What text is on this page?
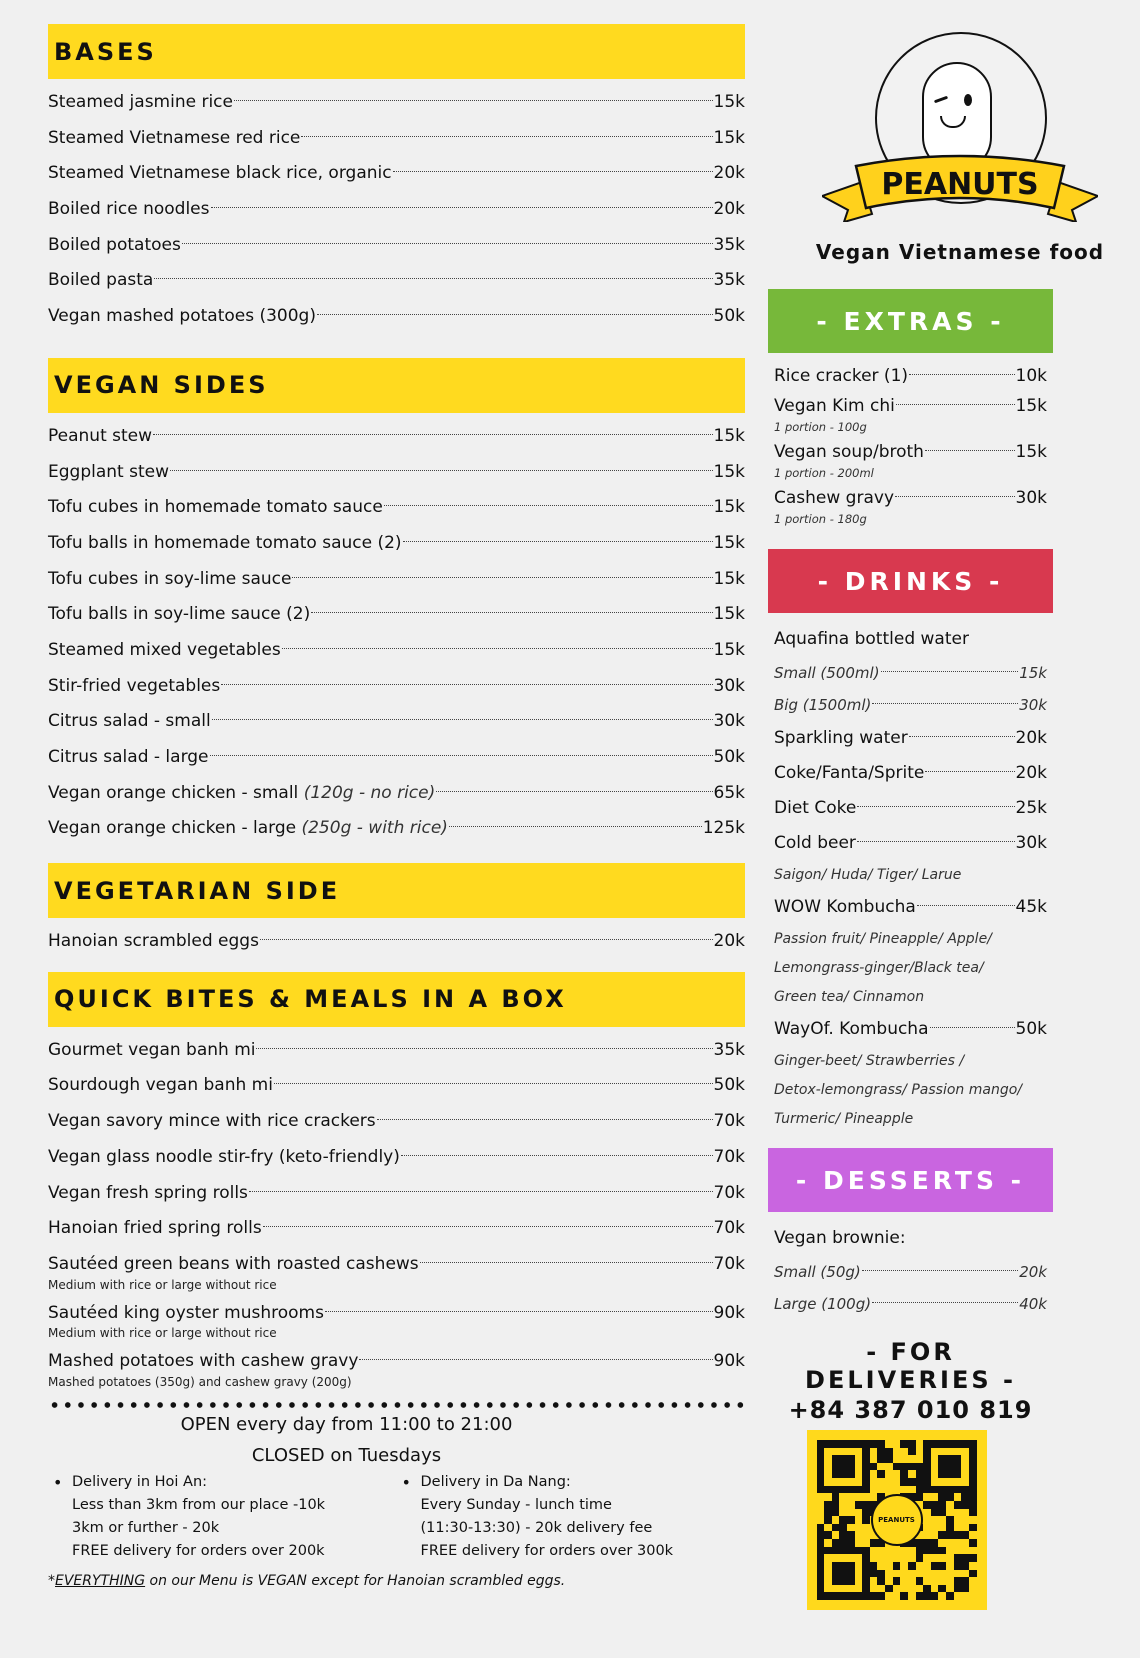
BASES
Steamed jasmine rice	15k
Steamed Vietnamese red rice	15k
Steamed Vietnamese black rice, organic	20k
Boiled rice noodles	20k
Boiled potatoes	35k
Boiled pasta	35k
Vegan mashed potatoes (300g)	50k
VEGAN SIDES
Peanut stew	15k
Eggplant stew	15k
Tofu cubes in homemade tomato sauce	15k
Tofu balls in homemade tomato sauce (2)	15k
Tofu cubes in soy-lime sauce	15k
Tofu balls in soy-lime sauce (2)	15k
Steamed mixed vegetables	15k
Stir-fried vegetables	30k
Citrus salad - small	30k
Citrus salad - large	50k
Vegan orange chicken - small (120g - no rice)	65k
Vegan orange chicken - large (250g - with rice)	125k
VEGETARIAN SIDE
Hanoian scrambled eggs	20k
QUICK BITES & MEALS IN A BOX
Gourmet vegan banh mi	35k
Sourdough vegan banh mi	50k
Vegan savory mince with rice crackers	70k
Vegan glass noodle stir-fry (keto-friendly)	70k
Vegan fresh spring rolls	70k
Hanoian fried spring rolls	70k
Sautéed green beans with roasted cashews	70k
Medium with rice or large without rice
Sautéed king oyster mushrooms	90k
Medium with rice or large without rice
Mashed potatoes with cashew gravy	90k
Mashed potatoes (350g) and cashew gravy (200g)
OPEN every day from 11:00 to 21:00
CLOSED on Tuesdays
• Delivery in Hoi An:
Less than 3km from our place -10k
3km or further - 20k
FREE delivery for orders over 200k
• Delivery in Da Nang:
Every Sunday - lunch time
(11:30-13:30) - 20k delivery fee
FREE delivery for orders over 300k
*EVERYTHING on our Menu is VEGAN except for Hanoian scrambled eggs.
PEANUTS
Vegan Vietnamese food
- EXTRAS -
Rice cracker (1)	10k
Vegan Kim chi	15k
1 portion - 100g
Vegan soup/broth	15k
1 portion - 200ml
Cashew gravy	30k
1 portion - 180g
- DRINKS -
Aquafina bottled water
Small (500ml)	15k
Big (1500ml)	30k
Sparkling water	20k
Coke/Fanta/Sprite	20k
Diet Coke	25k
Cold beer	30k
Saigon/ Huda/ Tiger/ Larue
WOW Kombucha	45k
Passion fruit/ Pineapple/ Apple/
Lemongrass-ginger/Black tea/
Green tea/ Cinnamon
WayOf. Kombucha	50k
Ginger-beet/ Strawberries /
Detox-lemongrass/ Passion mango/
Turmeric/ Pineapple
- DESSERTS -
Vegan brownie:
Small (50g)	20k
Large (100g)	40k
- FOR DELIVERIES -
+84 387 010 819
PEANUTS
